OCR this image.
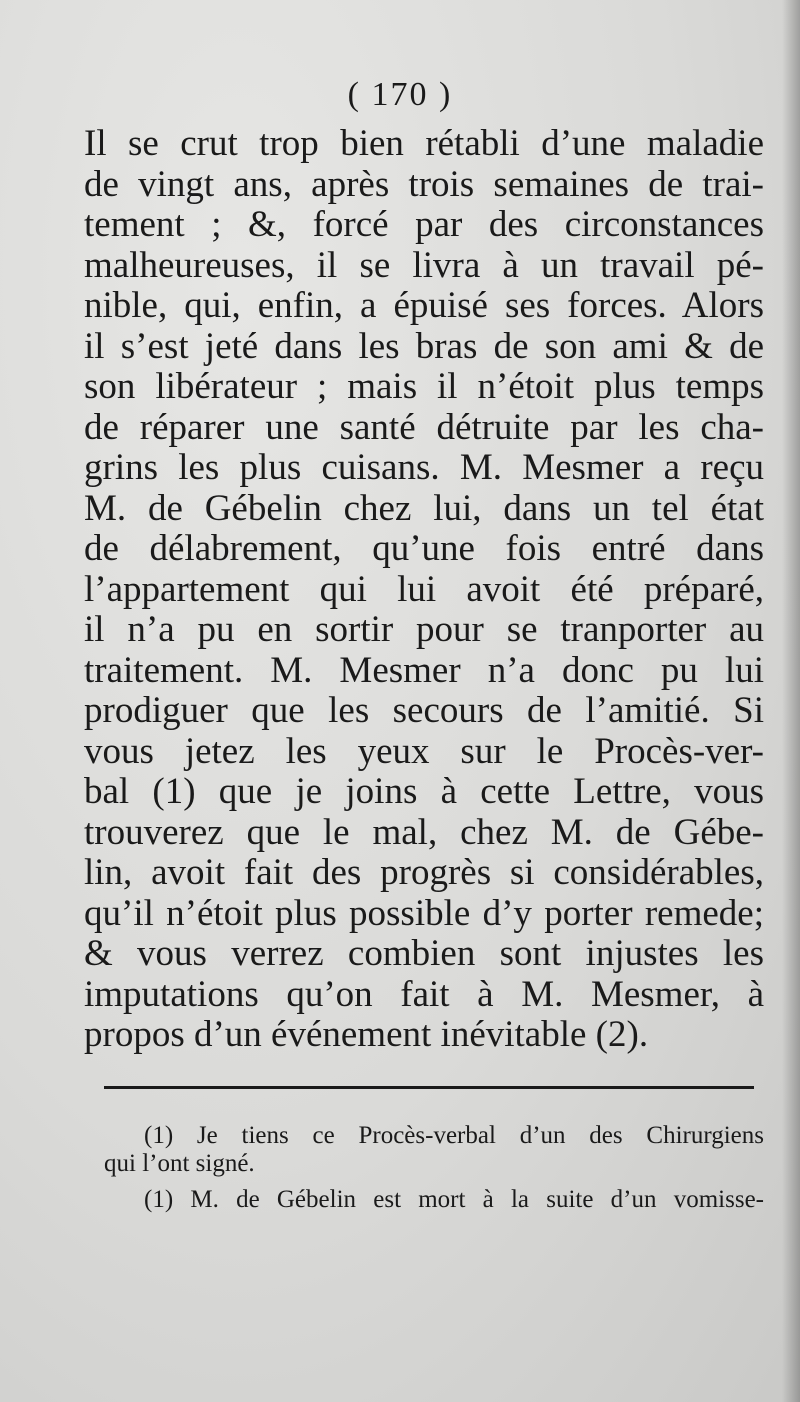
( 170 )
Il se crut trop bien rétabli d’une maladie
de vingt ans, après trois semaines de trai-
tement ; &, forcé par des circonstances
malheureuses, il se livra à un travail pé-
nible, qui, enfin, a épuisé ses forces. Alors
il s’est jeté dans les bras de son ami & de
son libérateur ; mais il n’étoit plus temps
de réparer une santé détruite par les cha-
grins les plus cuisans. M. Mesmer a reçu
M. de Gébelin chez lui, dans un tel état
de délabrement, qu’une fois entré dans
l’appartement qui lui avoit été préparé,
il n’a pu en sortir pour se tranporter au
traitement. M. Mesmer n’a donc pu lui
prodiguer que les secours de l’amitié. Si
vous jetez les yeux sur le Procès-ver-
bal (1) que je joins à cette Lettre, vous
trouverez que le mal, chez M. de Gébe-
lin, avoit fait des progrès si considérables,
qu’il n’étoit plus possible d’y porter remede;
& vous verrez combien sont injustes les
imputations qu’on fait à M. Mesmer, à
propos d’un événement inévitable (2).
(1) Je tiens ce Procès-verbal d’un des Chirurgiens
qui l’ont signé.
(1) M. de Gébelin est mort à la suite d’un vomisse-
